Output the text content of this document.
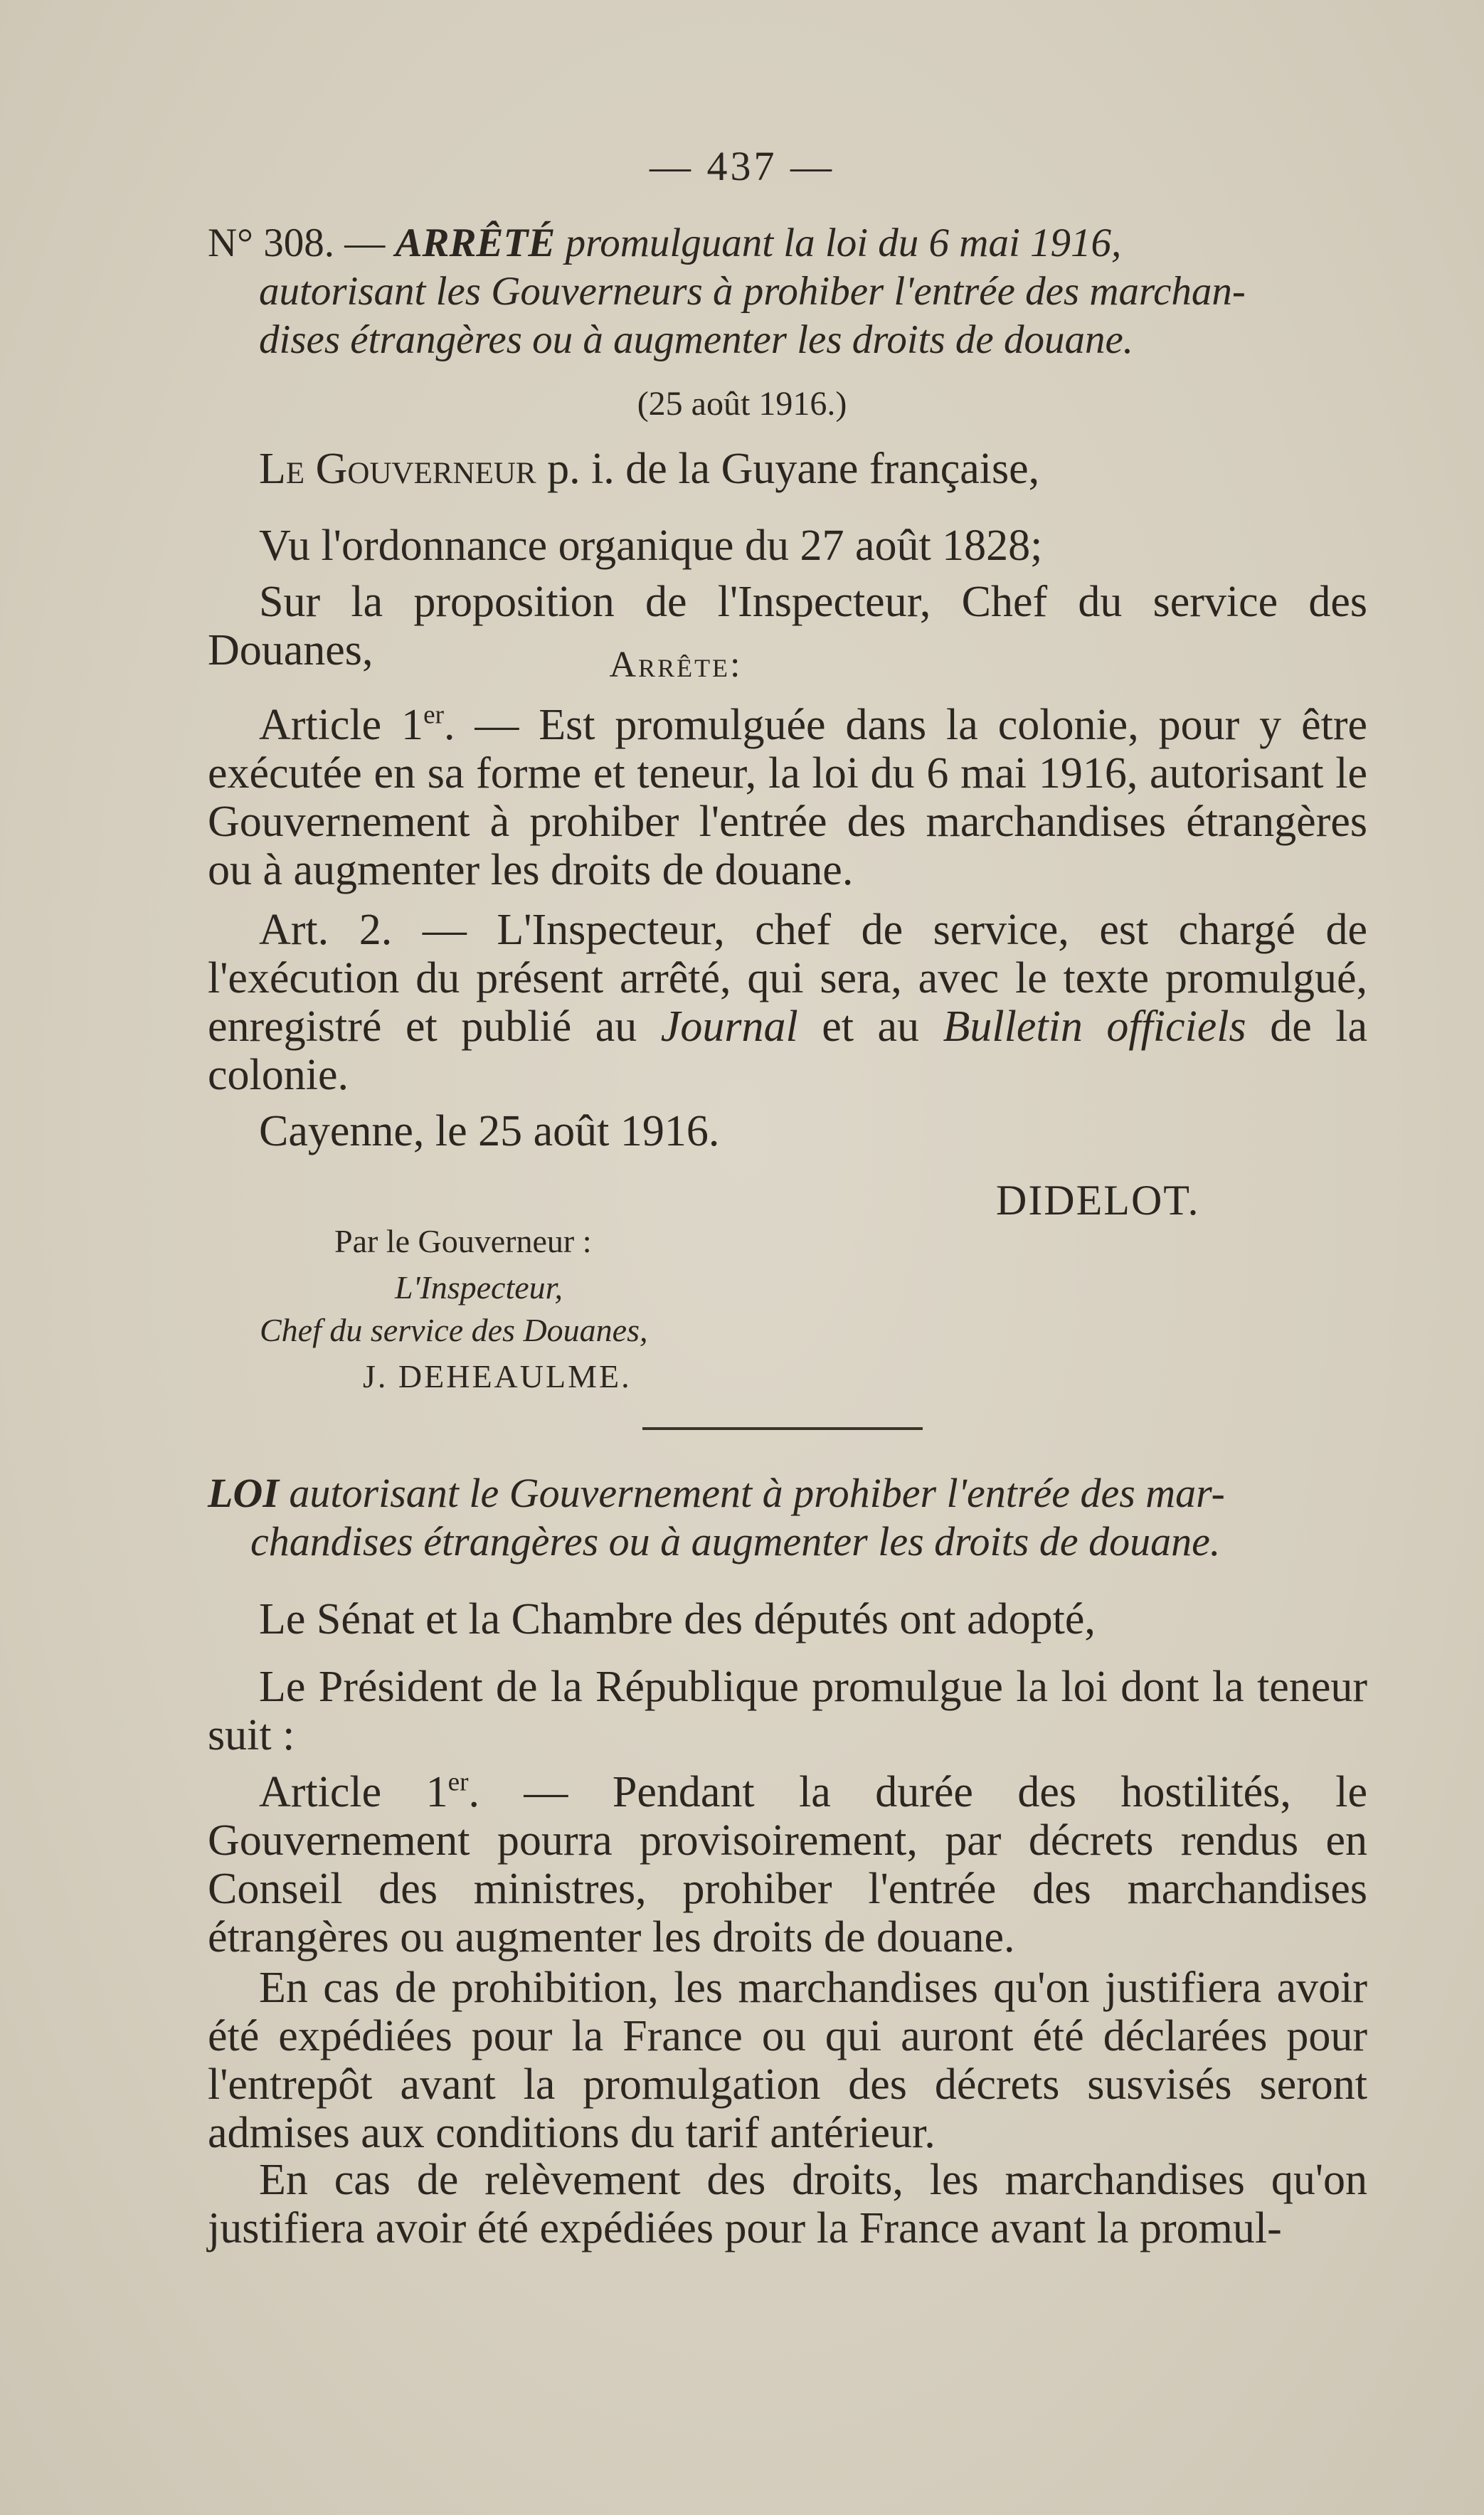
— 437 —
N° 308. — ARRÊTÉ promulguant la loi du 6 mai 1916,
autorisant les Gouverneurs à prohiber l'entrée des marchan-
dises étrangères ou à augmenter les droits de douane.
(25 août 1916.)
Le Gouverneur p. i. de la Guyane française,
Vu l'ordonnance organique du 27 août 1828;
Sur la proposition de l'Inspecteur, Chef du service des Douanes,	Arrête:
Article 1er. — Est promulguée dans la colonie, pour y être exécutée en sa forme et teneur, la loi du 6 mai 1916, autorisant le Gouvernement à prohiber l'entrée des marchandises étrangères ou à augmenter les droits de douane.
Art. 2. — L'Inspecteur, chef de service, est chargé de l'exécution du présent arrêté, qui sera, avec le texte promulgué, enregistré et publié au Journal et au Bulletin officiels de la colonie.
Cayenne, le 25 août 1916.
DIDELOT.
Par le Gouverneur :
L'Inspecteur,
Chef du service des Douanes,
J. DEHEAULME.
LOI autorisant le Gouvernement à prohiber l'entrée des mar-
chandises étrangères ou à augmenter les droits de douane.
Le Sénat et la Chambre des députés ont adopté,
Le Président de la République promulgue la loi dont la teneur suit :
Article 1er. — Pendant la durée des hostilités, le Gouvernement pourra provisoirement, par décrets rendus en Conseil des ministres, prohiber l'entrée des marchandises étrangères ou augmenter les droits de douane.
En cas de prohibition, les marchandises qu'on justifiera avoir été expédiées pour la France ou qui auront été déclarées pour l'entrepôt avant la promulgation des décrets susvisés seront admises aux conditions du tarif antérieur.
En cas de relèvement des droits, les marchandises qu'on justifiera avoir été expédiées pour la France avant la promul-
